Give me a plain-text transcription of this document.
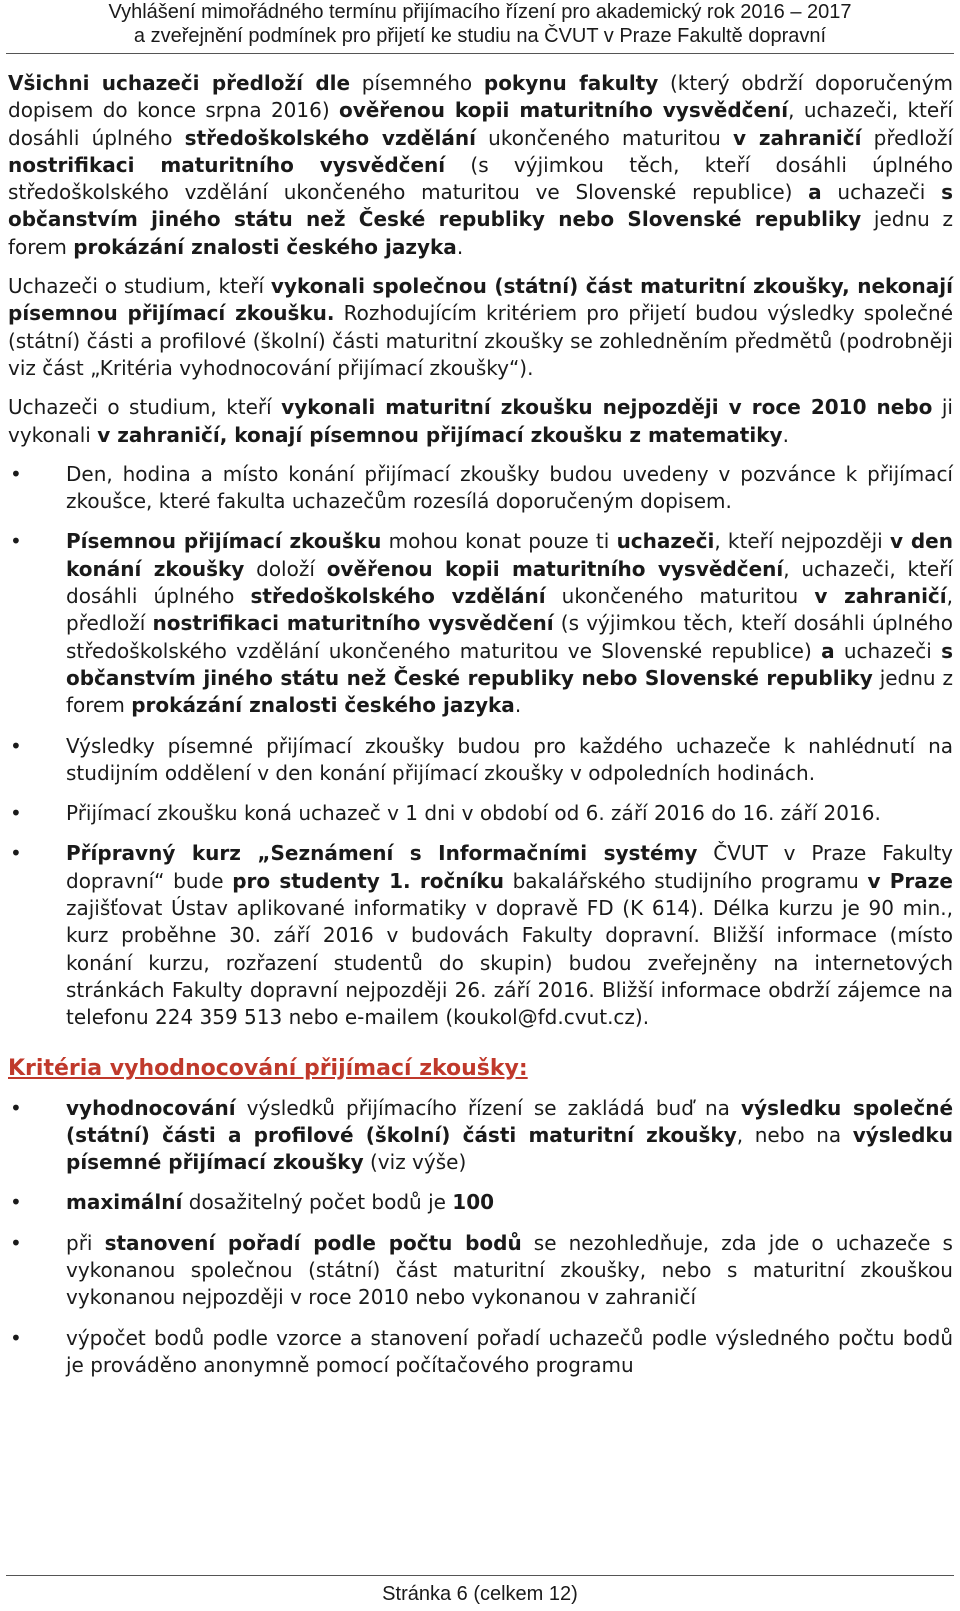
Vyhlášení mimořádného termínu přijímacího řízení pro akademický rok 2016 – 2017
a zveřejnění podmínek pro přijetí ke studiu na ČVUT v Praze Fakultě dopravní

Všichni uchazeči předloží dle písemného pokynu fakulty (který obdrží doporučeným dopisem do konce srpna 2016) ověřenou kopii maturitního vysvědčení, uchazeči, kteří dosáhli úplného středoškolského vzdělání ukončeného maturitou v zahraničí předloží nostrifikaci maturitního vysvědčení (s výjimkou těch, kteří dosáhli úplného středoškolského vzdělání ukončeného maturitou ve Slovenské republice) a uchazeči s občanstvím jiného státu než České republiky nebo Slovenské republiky jednu z forem prokázání znalosti českého jazyka.

Uchazeči o studium, kteří vykonali společnou (státní) část maturitní zkoušky, nekonají písemnou přijímací zkoušku. Rozhodujícím kritériem pro přijetí budou výsledky společné (státní) části a profilové (školní) části maturitní zkoušky se zohledněním předmětů (podrobněji viz část „Kritéria vyhodnocování přijímací zkoušky“).

Uchazeči o studium, kteří vykonali maturitní zkoušku nejpozději v roce 2010 nebo ji vykonali v zahraničí, konají písemnou přijímací zkoušku z matematiky.

• Den, hodina a místo konání přijímací zkoušky budou uvedeny v pozvánce k přijímací zkoušce, které fakulta uchazečům rozesílá doporučeným dopisem.
• Písemnou přijímací zkoušku mohou konat pouze ti uchazeči, kteří nejpozději v den konání zkoušky doloží ověřenou kopii maturitního vysvědčení, uchazeči, kteří dosáhli úplného středoškolského vzdělání ukončeného maturitou v zahraničí, předloží nostrifikaci maturitního vysvědčení (s výjimkou těch, kteří dosáhli úplného středoškolského vzdělání ukončeného maturitou ve Slovenské republice) a uchazeči s občanstvím jiného státu než České republiky nebo Slovenské republiky jednu z forem prokázání znalosti českého jazyka.
• Výsledky písemné přijímací zkoušky budou pro každého uchazeče k nahlédnutí na studijním oddělení v den konání přijímací zkoušky v odpoledních hodinách.
• Přijímací zkoušku koná uchazeč v 1 dni v období od 6. září 2016 do 16. září 2016.
• Přípravný kurz „Seznámení s Informačními systémy ČVUT v Praze Fakulty dopravní“ bude pro studenty 1. ročníku bakalářského studijního programu v Praze zajišťovat Ústav aplikované informatiky v dopravě FD (K 614). Délka kurzu je 90 min., kurz proběhne 30. září 2016 v budovách Fakulty dopravní. Bližší informace (místo konání kurzu, rozřazení studentů do skupin) budou zveřejněny na internetových stránkách Fakulty dopravní nejpozději 26. září 2016. Bližší informace obdrží zájemce na telefonu 224 359 513 nebo e-mailem (koukol@fd.cvut.cz).
Kritéria vyhodnocování přijímací zkoušky:
• vyhodnocování výsledků přijímacího řízení se zakládá buď na výsledku společné (státní) části a profilové (školní) části maturitní zkoušky, nebo na výsledku písemné přijímací zkoušky (viz výše)
• maximální dosažitelný počet bodů je 100
• při stanovení pořadí podle počtu bodů se nezohledňuje, zda jde o uchazeče s vykonanou společnou (státní) část maturitní zkoušky, nebo s maturitní zkouškou vykonanou nejpozději v roce 2010 nebo vykonanou v zahraničí
• výpočet bodů podle vzorce a stanovení pořadí uchazečů podle výsledného počtu bodů je prováděno anonymně pomocí počítačového programu
Stránka 6 (celkem 12)
